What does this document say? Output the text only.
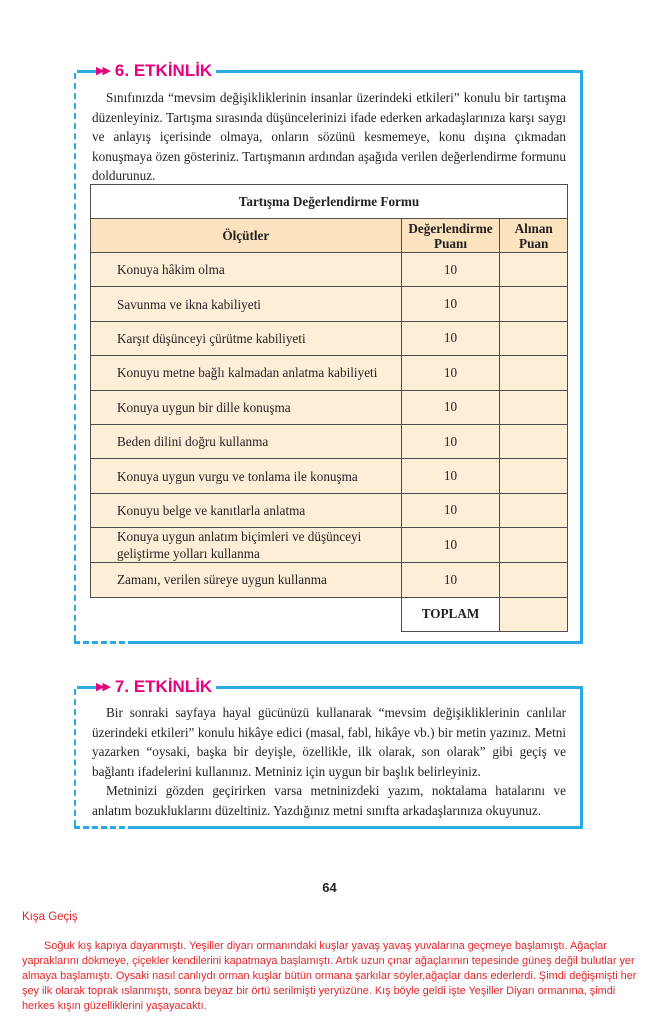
▶▶ 6. ETKİNLİK

Sınıfınızda “mevsim değişikliklerinin insanlar üzerindeki etkileri” konulu bir tartışma düzenleyiniz. Tartışma sırasında düşüncelerinizi ifade ederken arkadaşlarınıza karşı saygı ve anlayış içerisinde olmaya, onların sözünü kesmemeye, konu dışına çıkmadan konuşmaya özen gösteriniz. Tartışmanın ardından aşağıda verilen değerlendirme formunu doldurunuz.

Tartışma Değerlendirme Formu		
Ölçütler	Değerlendirme Puanı	Alınan Puan
Konuya hâkim olma	10	
Savunma ve ikna kabiliyeti	10	
Karşıt düşünceyi çürütme kabiliyeti	10	
Konuyu metne bağlı kalmadan anlatma kabiliyeti	10	
Konuya uygun bir dille konuşma	10	
Beden dilini doğru kullanma	10	
Konuya uygun vurgu ve tonlama ile konuşma	10	
Konuyu belge ve kanıtlarla anlatma	10	
Konuya uygun anlatım biçimleri ve düşünceyi geliştirme yolları kullanma	10	
Zamanı, verilen süreye uygun kullanma	10	
	TOPLAM	
▶▶ 7. ETKİNLİK

Bir sonraki sayfaya hayal gücünüzü kullanarak “mevsim değişikliklerinin canlılar üzerindeki etkileri” konulu hikâye edici (masal, fabl, hikâye vb.) bir metin yazınız. Metni yazarken “oysaki, başka bir deyişle, özellikle, ilk olarak, son olarak” gibi geçiş ve bağlantı ifadelerini kullanınız. Metniniz için uygun bir başlık belirleyiniz.

Metninizi gözden geçirirken varsa metninizdeki yazım, noktalama hatalarını ve anlatım bozukluklarını düzeltiniz. Yazdığınız metni sınıfta arkadaşlarınıza okuyunuz.

64
Kışa Geçiş
Soğuk kış kapıya dayanmıştı. Yeşiller diyarı ormanındaki kuşlar yavaş yavaş yuvalarına geçmeye başlamıştı. Ağaçlar yapraklarını dökmeye, çiçekler kendilerini kapatmaya başlamıştı. Artık uzun çınar ağaçlarının tepesinde güneş değil bulutlar yer almaya başlamıştı. Oysaki nasıl canlıydı orman kuşlar bütün ormana şarkılar söyler,ağaçlar dans ederlerdi. Şimdi değişmişti her şey ilk olarak toprak ıslanmıştı, sonra beyaz bir örtü serilmişti yeryüzüne. Kış böyle geldi işte Yeşiller Diyarı ormanına, şimdi herkes kışın güzelliklerini yaşayacaktı.
